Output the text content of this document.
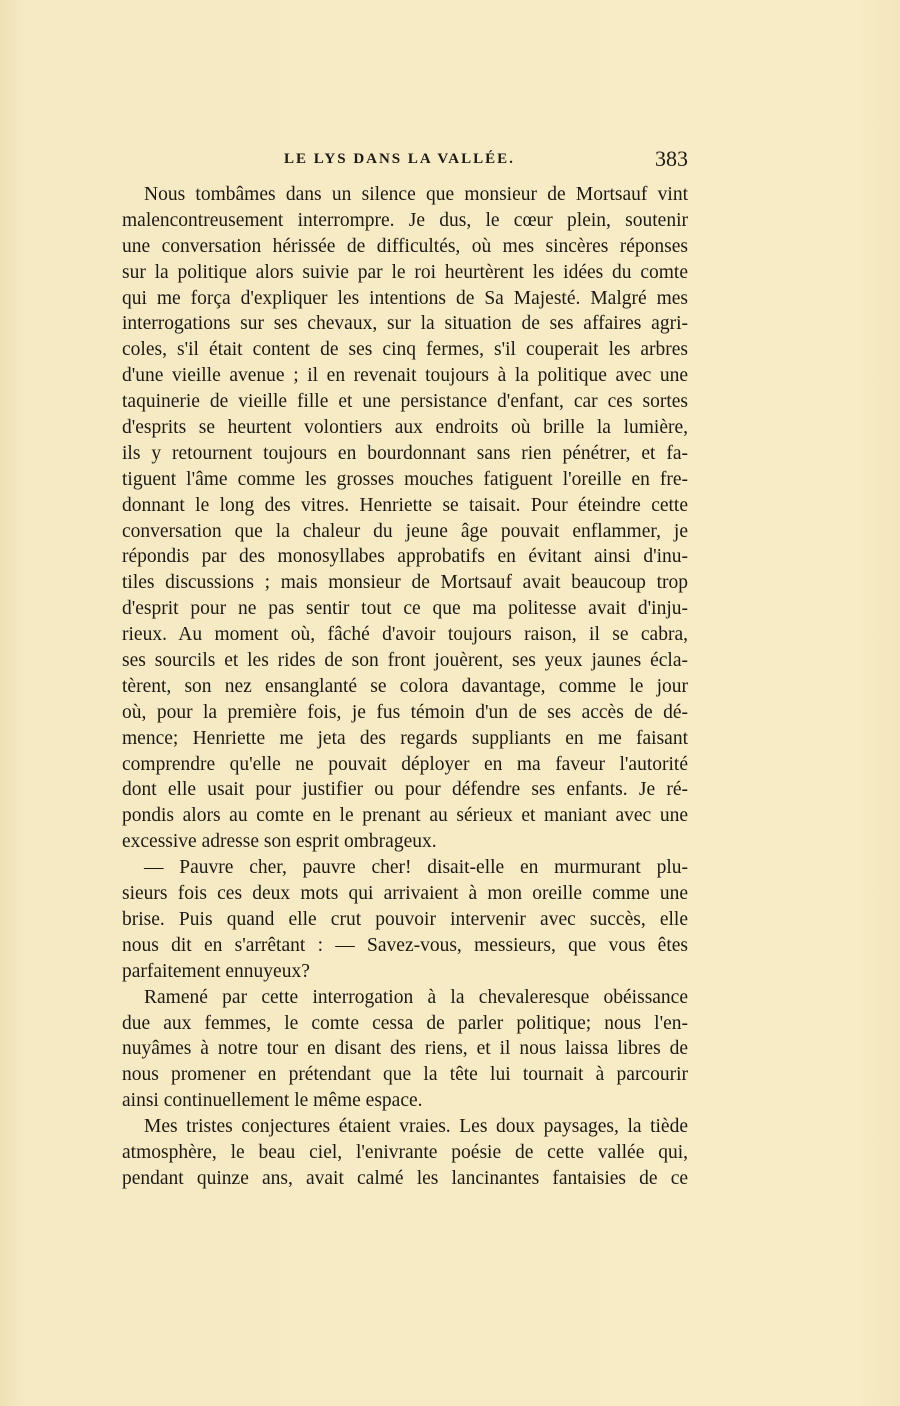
LE LYS DANS LA VALLÉE.	383
Nous tombâmes dans un silence que monsieur de Mortsauf vint
malencontreusement interrompre. Je dus, le cœur plein, soutenir
une conversation hérissée de difficultés, où mes sincères réponses
sur la politique alors suivie par le roi heurtèrent les idées du comte
qui me força d'expliquer les intentions de Sa Majesté. Malgré mes
interrogations sur ses chevaux, sur la situation de ses affaires agri-
coles, s'il était content de ses cinq fermes, s'il couperait les arbres
d'une vieille avenue ; il en revenait toujours à la politique avec une
taquinerie de vieille fille et une persistance d'enfant, car ces sortes
d'esprits se heurtent volontiers aux endroits où brille la lumière,
ils y retournent toujours en bourdonnant sans rien pénétrer, et fa-
tiguent l'âme comme les grosses mouches fatiguent l'oreille en fre-
donnant le long des vitres. Henriette se taisait. Pour éteindre cette
conversation que la chaleur du jeune âge pouvait enflammer, je
répondis par des monosyllabes approbatifs en évitant ainsi d'inu-
tiles discussions ; mais monsieur de Mortsauf avait beaucoup trop
d'esprit pour ne pas sentir tout ce que ma politesse avait d'inju-
rieux. Au moment où, fâché d'avoir toujours raison, il se cabra,
ses sourcils et les rides de son front jouèrent, ses yeux jaunes écla-
tèrent, son nez ensanglanté se colora davantage, comme le jour
où, pour la première fois, je fus témoin d'un de ses accès de dé-
mence; Henriette me jeta des regards suppliants en me faisant
comprendre qu'elle ne pouvait déployer en ma faveur l'autorité
dont elle usait pour justifier ou pour défendre ses enfants. Je ré-
pondis alors au comte en le prenant au sérieux et maniant avec une
excessive adresse son esprit ombrageux.
— Pauvre cher, pauvre cher! disait-elle en murmurant plu-
sieurs fois ces deux mots qui arrivaient à mon oreille comme une
brise. Puis quand elle crut pouvoir intervenir avec succès, elle
nous dit en s'arrêtant : — Savez-vous, messieurs, que vous êtes
parfaitement ennuyeux?
Ramené par cette interrogation à la chevaleresque obéissance
due aux femmes, le comte cessa de parler politique; nous l'en-
nuyâmes à notre tour en disant des riens, et il nous laissa libres de
nous promener en prétendant que la tête lui tournait à parcourir
ainsi continuellement le même espace.
Mes tristes conjectures étaient vraies. Les doux paysages, la tiède
atmosphère, le beau ciel, l'enivrante poésie de cette vallée qui,
pendant quinze ans, avait calmé les lancinantes fantaisies de ce
